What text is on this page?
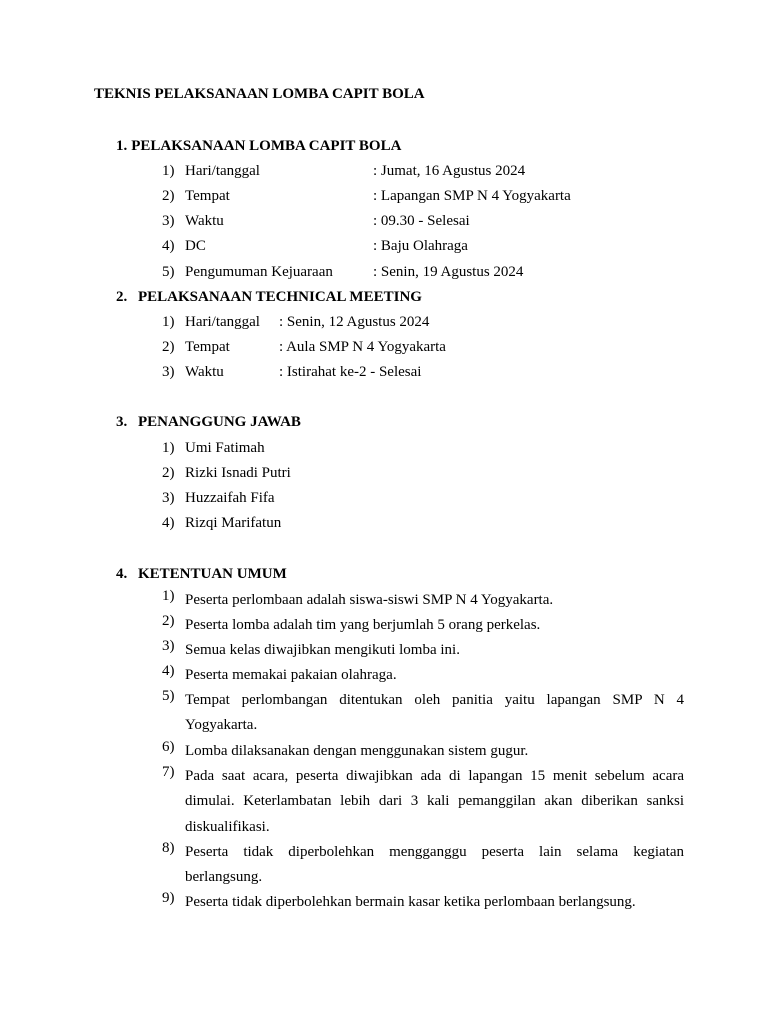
TEKNIS PELAKSANAAN LOMBA CAPIT BOLA
1. PELAKSANAAN LOMBA CAPIT BOLA
1) Hari/tanggal	: Jumat, 16 Agustus 2024
2) Tempat	: Lapangan SMP N 4 Yogyakarta
3) Waktu	: 09.30 - Selesai
4) DC	: Baju Olahraga
5) Pengumuman Kejuaraan	: Senin, 19 Agustus 2024
2. PELAKSANAAN TECHNICAL MEETING
1) Hari/tanggal : Senin, 12 Agustus 2024
2) Tempat	: Aula SMP N 4 Yogyakarta
3) Waktu	: Istirahat ke-2 - Selesai
3. PENANGGUNG JAWAB
1) Umi Fatimah
2) Rizki Isnadi Putri
3) Huzzaifah Fifa
4) Rizqi Marifatun
4. KETENTUAN UMUM
1) Peserta perlombaan adalah siswa-siswi SMP N 4 Yogyakarta.
2) Peserta lomba adalah tim yang berjumlah 5 orang perkelas.
3) Semua kelas diwajibkan mengikuti lomba ini.
4) Peserta memakai pakaian olahraga.
5) Tempat perlombangan ditentukan oleh panitia yaitu lapangan SMP N 4 Yogyakarta.
6) Lomba dilaksanakan dengan menggunakan sistem gugur.
7) Pada saat acara, peserta diwajibkan ada di lapangan 15 menit sebelum acara dimulai. Keterlambatan lebih dari 3 kali pemanggilan akan diberikan sanksi diskualifikasi.
8) Peserta tidak diperbolehkan mengganggu peserta lain selama kegiatan berlangsung.
9) Peserta tidak diperbolehkan bermain kasar ketika perlombaan berlangsung.
